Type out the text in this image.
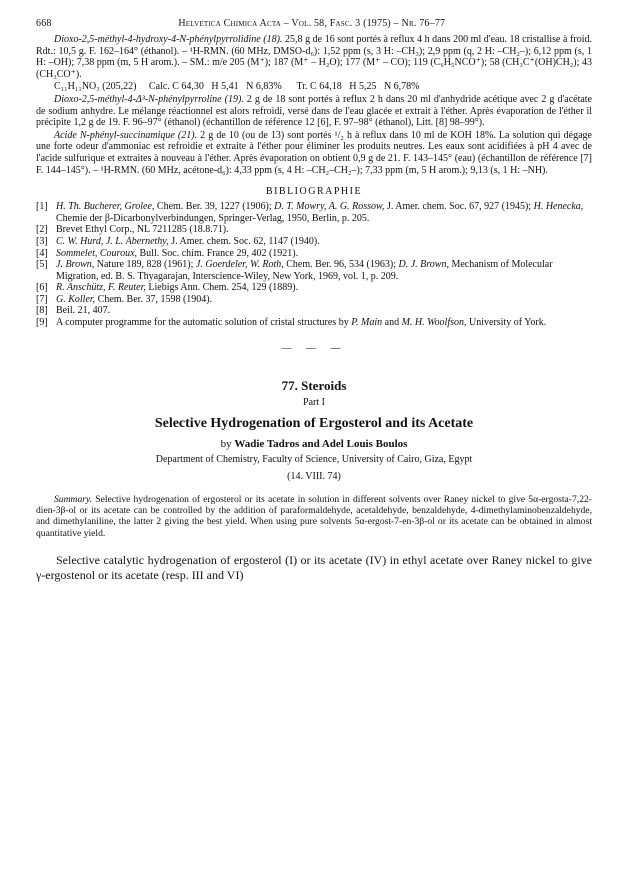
668	Helvetica Chimica Acta – Vol. 58, Fasc. 3 (1975) – Nr. 76–77

Dioxo-2,5-méthyl-4-hydroxy-4-N-phénylpyrrolidine (18). 25,8 g de 16 sont portés à reflux 4 h dans 200 ml d'eau. 18 cristallise à froid. Rdt.: 10,5 g. F. 162–164° (éthanol). – ¹H-RMN. (60 MHz, DMSO-d₆): 1,52 ppm (s, 3 H: –CH₃); 2,9 ppm (q, 2 H: –CH₂–); 6,12 ppm (s, 1 H: –OH); 7,38 ppm (m, 5 H arom.). – SM.: m/e 205 (M⁺); 187 (M⁺ – H₂O); 177 (M⁺ – CO); 119 (C₆H₅NCO⁺); 58 (CH₃C⁺(OH)CH₂); 43 (CH₃CO⁺).

C₁₁H₁₁NO₃ (205,22)     Calc. C 64,30   H 5,41   N 6,83%      Tr. C 64,18   H 5,25   N 6,78%

Dioxo-2,5-méthyl-4-Δ³-N-phénylpyrroline (19). 2 g de 18 sont portés à reflux 2 h dans 20 ml d'anhydride acétique avec 2 g d'acétate de sodium anhydre. Le mélange réactionnel est alors refroidi, versé dans de l'eau glacée et extrait à l'éther. Après évaporation de l'éther il précipite 1,2 g de 19. F. 96–97° (éthanol) (échantillon de référence 12 [6], F. 97–98° (éthanol), Litt. [8] 98–99°).

Acide N-phényl-succinamique (21). 2 g de 10 (ou de 13) sont portés ¹/₂ h à reflux dans 10 ml de KOH 18%. La solution qui dégage une forte odeur d'ammoniac est refroidie et extraite à l'éther pour éliminer les produits neutres. Les eaux sont acidifiées à pH 4 avec de l'acide sulfurique et extraites à nouveau à l'éther. Après évaporation on obtient 0,9 g de 21. F. 143–145° (eau) (échantillon de référence [7] F. 144–145°). – ¹H-RMN. (60 MHz, acétone-d₆): 4,33 ppm (s, 4 H: –CH₂–CH₂–); 7,33 ppm (m, 5 H arom.); 9,13 (s, 1 H: –NH).

BIBLIOGRAPHIE
[1] H. Th. Bucherer, Grolee, Chem. Ber. 39, 1227 (1906); D. T. Mowry, A. G. Rossow, J. Amer. chem. Soc. 67, 927 (1945); H. Henecka, Chemie der β-Dicarbonylverbindungen, Springer-Verlag, 1950, Berlin, p. 205.
[2] Brevet Ethyl Corp., NL 7211285 (18.8.71).
[3] C. W. Hurd, J. L. Abernethy, J. Amer. chem. Soc. 62, 1147 (1940).
[4] Sommelet, Couroux, Bull. Soc. chim. France 29, 402 (1921).
[5] J. Brown, Nature 189, 828 (1961); J. Goerdeler, W. Roth, Chem. Ber. 96, 534 (1963); D. J. Brown, Mechanism of Molecular Migration, ed. B. S. Thyagarajan, Interscience-Wiley, New York, 1969, vol. 1, p. 209.
[6] R. Anschütz, F. Reuter, Liebigs Ann. Chem. 254, 129 (1889).
[7] G. Koller, Chem. Ber. 37, 1598 (1904).
[8] Beil. 21, 407.
[9] A computer programme for the automatic solution of cristal structures by P. Main and M. H. Woolfson, University of York.
— — —
77. Steroids
Part I
Selective Hydrogenation of Ergosterol and its Acetate
by Wadie Tadros and Adel Louis Boulos
Department of Chemistry, Faculty of Science, University of Cairo, Giza, Egypt
(14. VIII. 74)

Summary. Selective hydrogenation of ergosterol or its acetate in solution in different solvents over Raney nickel to give 5α-ergosta-7,22-dien-3β-ol or its acetate can be controlled by the addition of paraformaldehyde, acetaldehyde, benzaldehyde, 4-dimethylaminobenzaldehyde, and dimethylaniline, the latter 2 giving the best yield. When using pure solvents 5α-ergost-7-en-3β-ol or its acetate can be obtained in almost quantitative yield.

Selective catalytic hydrogenation of ergosterol (I) or its acetate (IV) in ethyl acetate over Raney nickel to give γ-ergostenol or its acetate (resp. III and VI)
